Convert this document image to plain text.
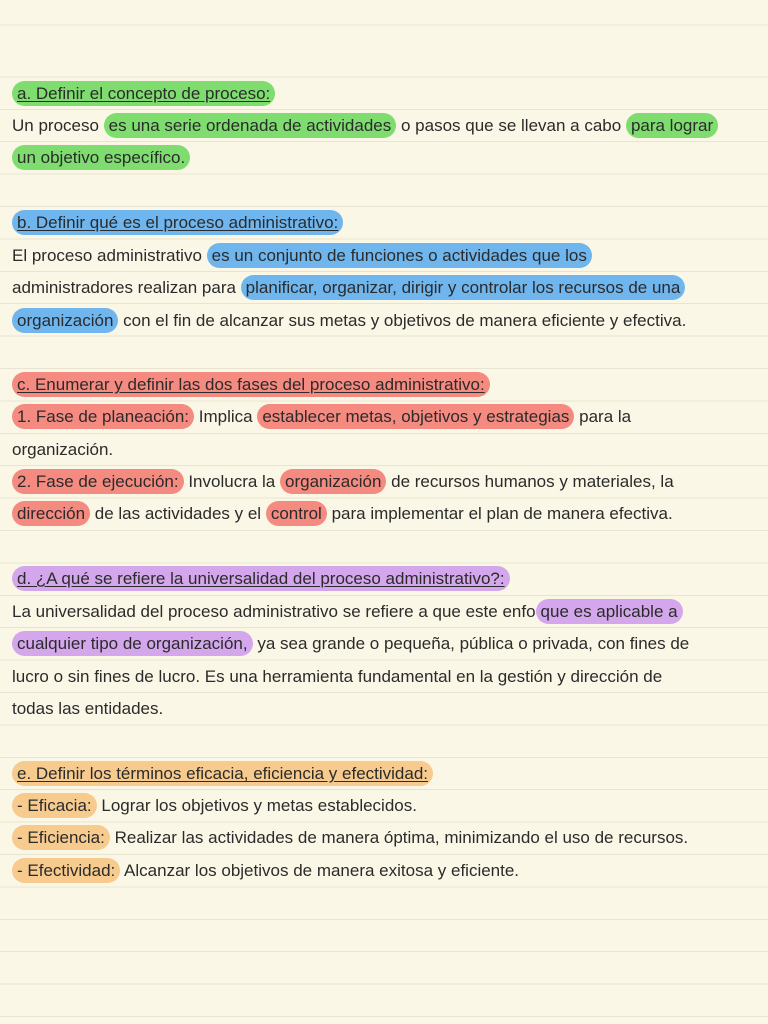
a. Definir el concepto de proceso:
Un proceso es una serie ordenada de actividades o pasos que se llevan a cabo para lograr
un objetivo específico.
b. Definir qué es el proceso administrativo:
El proceso administrativo es un conjunto de funciones o actividades que los
administradores realizan para planificar, organizar, dirigir y controlar los recursos de una
organización con el fin de alcanzar sus metas y objetivos de manera eficiente y efectiva.
c. Enumerar y definir las dos fases del proceso administrativo:
1. Fase de planeación: Implica establecer metas, objetivos y estrategias para la
organización.
2. Fase de ejecución: Involucra la organización de recursos humanos y materiales, la
dirección de las actividades y el control para implementar el plan de manera efectiva.
d. ¿A qué se refiere la universalidad del proceso administrativo?:
La universalidad del proceso administrativo se refiere a que este enfo que es aplicable a
cualquier tipo de organización, ya sea grande o pequeña, pública o privada, con fines de
lucro o sin fines de lucro. Es una herramienta fundamental en la gestión y dirección de
todas las entidades.
e. Definir los términos eficacia, eficiencia y efectividad:
- Eficacia: Lograr los objetivos y metas establecidos.
- Eficiencia: Realizar las actividades de manera óptima, minimizando el uso de recursos.
- Efectividad: Alcanzar los objetivos de manera exitosa y eficiente.
